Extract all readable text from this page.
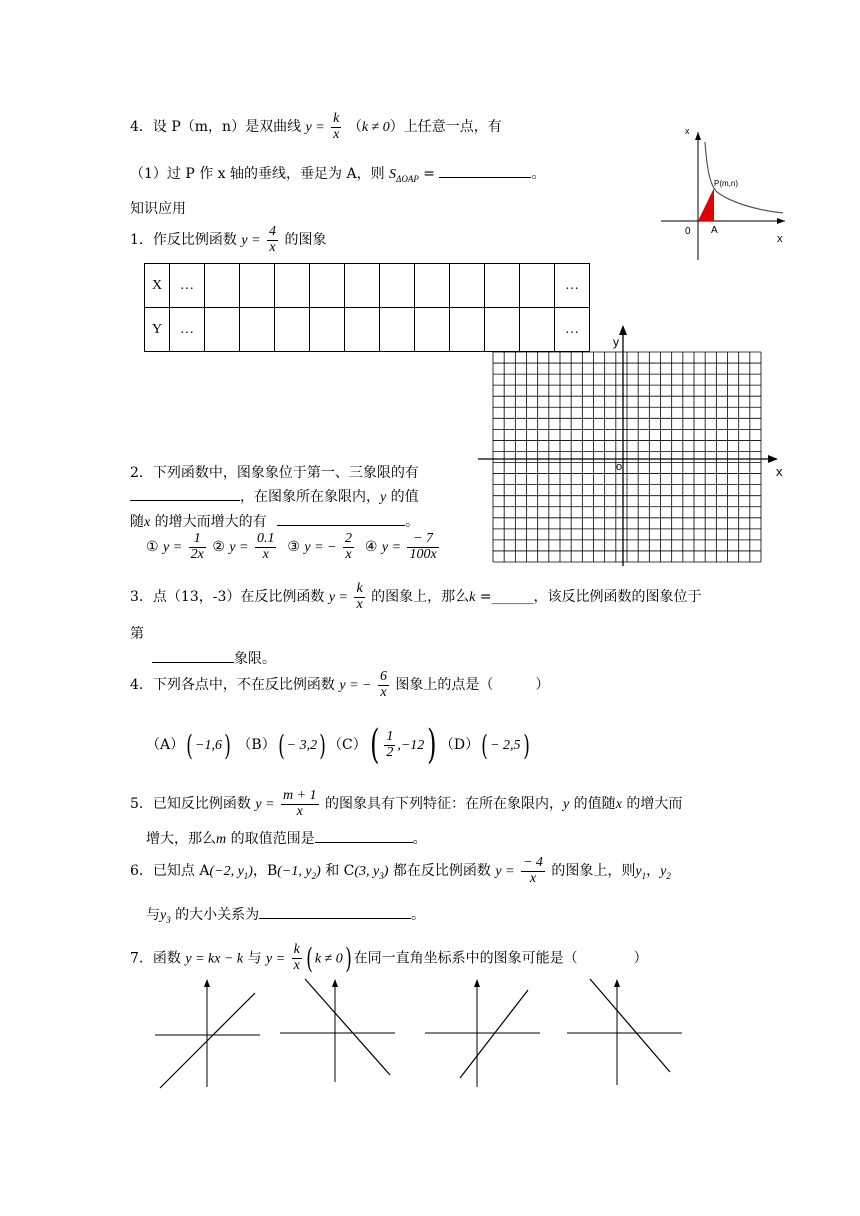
4．设 P（m，n）是双曲线 $y = \frac{k}{x} (k \ne 0)$上任意一点，有
（1）过 P 作 x 轴的垂线，垂足为 A，则 $S_{\Delta OAP}$ =	。
x
x
0 A
P(m,n)
知识应用
1．作反比例函数 $y = \frac{4}{x}$ 的图象
X	…											…
Y	…											…
y
x
o
2．下列函数中，图象象位于第一、三象限的有
，在图象所在象限内，y 的值
随x 的增大而增大的有	。
① $y = \frac{1}{2x}$ ② $y = \frac{0.1}{x}$ ③ y = − $\frac{2}{x}$ ④ $y = \frac{- 7}{100x}$
3．点（13，-3）在反比例函数 $y = \frac{k}{x}$ 的图象上，那么k =______，该反比例函数的图象位于
第
象限。
4．下列各点中，不在反比例函数 y = − $\frac{6}{x}$ 图象上的点是（　　　）
（A）( −1,6) （B）( − 3,2) $(C)( \frac{1}{2} ,-12)$ （D）( − 2,5)
5．已知反比例函数 $y = \frac{m + 1}{x}$ 的图象具有下列特征：在所在象限内，y 的值随x 的增大而
增大，那么m 的取值范围是	。
6．已知点 A(−2, $y_1$)，B(−1, $y_2$) 和 C(3, $y_3$) 都在反比例函数 $y = \frac{- 4}{x}$ 的图象上，则$y_1$，$y_2$
与$y_3$ 的大小关系为	。
7．函数 y = kx − k 与 $y = \frac{k}{x}$ ( k ≠ 0) 在同一直角坐标系中的图象可能是（　　　　）
